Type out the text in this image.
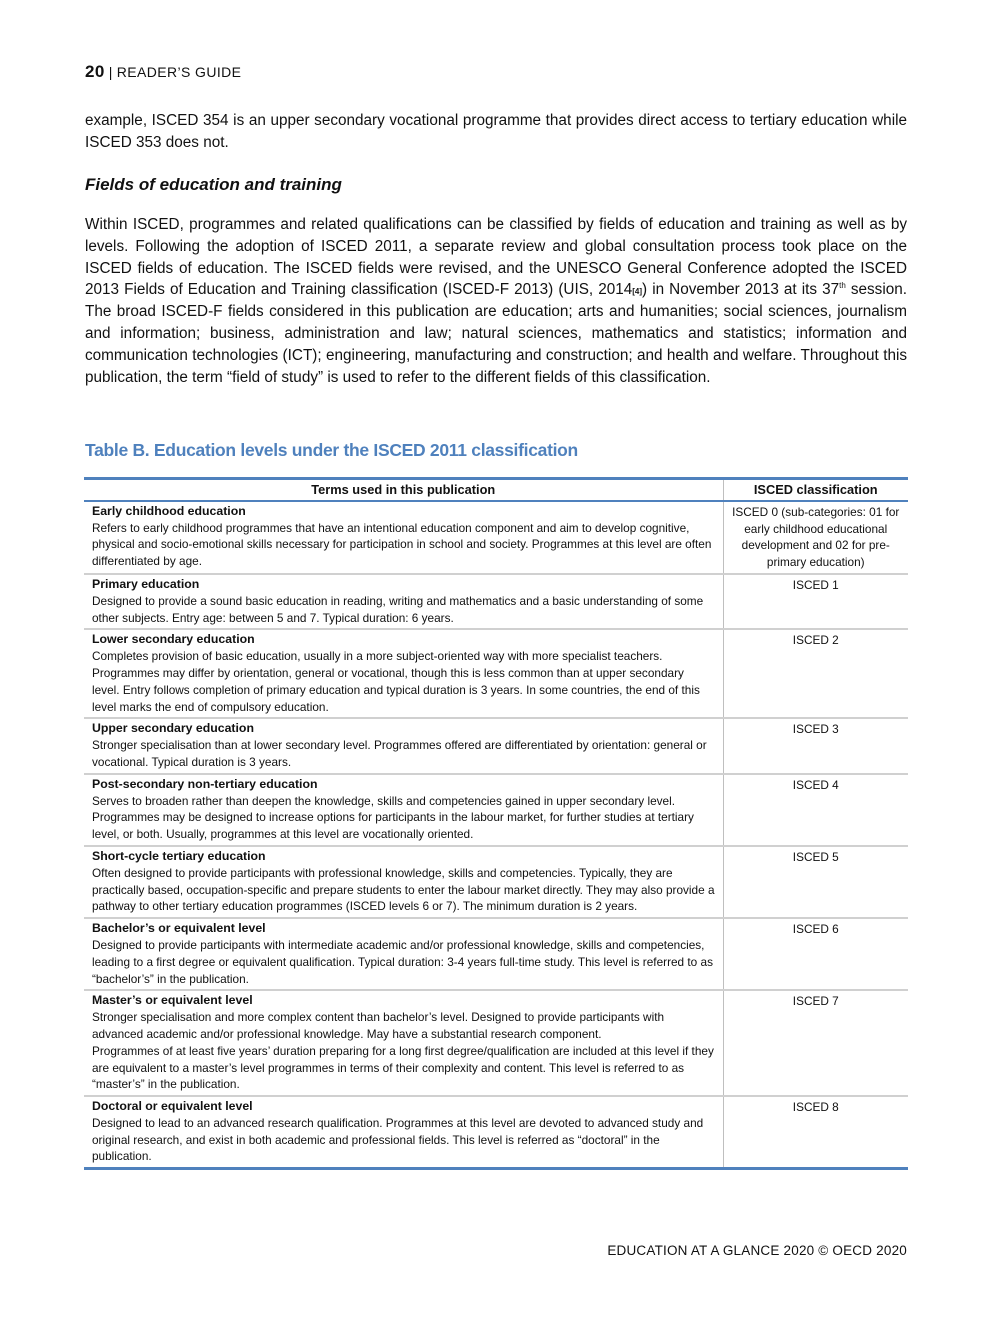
20 | READER’S GUIDE

example, ISCED 354 is an upper secondary vocational programme that provides direct access to tertiary education while ISCED 353 does not.

Fields of education and training

Within ISCED, programmes and related qualifications can be classified by fields of education and training as well as by levels. Following the adoption of ISCED 2011, a separate review and global consultation process took place on the ISCED fields of education. The ISCED fields were revised, and the UNESCO General Conference adopted the ISCED 2013 Fields of Education and Training classification (ISCED-F 2013) (UIS, 2014[4]) in November 2013 at its 37th session. The broad ISCED-F fields considered in this publication are education; arts and humanities; social sciences, journalism and information; business, administration and law; natural sciences, mathematics and statistics; information and communication technologies (ICT); engineering, manufacturing and construction; and health and welfare. Throughout this publication, the term “field of study” is used to refer to the different fields of this classification.

Table B. Education levels under the ISCED 2011 classification
Terms used in this publication	ISCED classification

Early childhood education
Refers to early childhood programmes that have an intentional education component and aim to develop cognitive, physical and socio-emotional skills necessary for participation in school and society. Programmes at this level are often differentiated by age.	ISCED 0 (sub-categories: 01 for early childhood educational development and 02 for pre-primary education)

Primary education
Designed to provide a sound basic education in reading, writing and mathematics and a basic understanding of some other subjects. Entry age: between 5 and 7. Typical duration: 6 years.	ISCED 1

Lower secondary education
Completes provision of basic education, usually in a more subject-oriented way with more specialist teachers. Programmes may differ by orientation, general or vocational, though this is less common than at upper secondary level. Entry follows completion of primary education and typical duration is 3 years. In some countries, the end of this level marks the end of compulsory education.	ISCED 2

Upper secondary education
Stronger specialisation than at lower secondary level. Programmes offered are differentiated by orientation: general or vocational. Typical duration is 3 years.	ISCED 3

Post-secondary non-tertiary education
Serves to broaden rather than deepen the knowledge, skills and competencies gained in upper secondary level. Programmes may be designed to increase options for participants in the labour market, for further studies at tertiary level, or both. Usually, programmes at this level are vocationally oriented.	ISCED 4

Short-cycle tertiary education
Often designed to provide participants with professional knowledge, skills and competencies. Typically, they are practically based, occupation-specific and prepare students to enter the labour market directly. They may also provide a pathway to other tertiary education programmes (ISCED levels 6 or 7). The minimum duration is 2 years.	ISCED 5

Bachelor’s or equivalent level
Designed to provide participants with intermediate academic and/or professional knowledge, skills and competencies, leading to a first degree or equivalent qualification. Typical duration: 3-4 years full-time study. This level is referred to as “bachelor’s” in the publication.	ISCED 6

Master’s or equivalent level
Stronger specialisation and more complex content than bachelor’s level. Designed to provide participants with advanced academic and/or professional knowledge. May have a substantial research component.
Programmes of at least five years’ duration preparing for a long first degree/qualification are included at this level if they are equivalent to a master’s level programmes in terms of their complexity and content. This level is referred to as “master’s” in the publication.	ISCED 7

Doctoral or equivalent level
Designed to lead to an advanced research qualification. Programmes at this level are devoted to advanced study and original research, and exist in both academic and professional fields. This level is referred as “doctoral” in the publication.	ISCED 8
EDUCATION AT A GLANCE 2020 © OECD 2020
